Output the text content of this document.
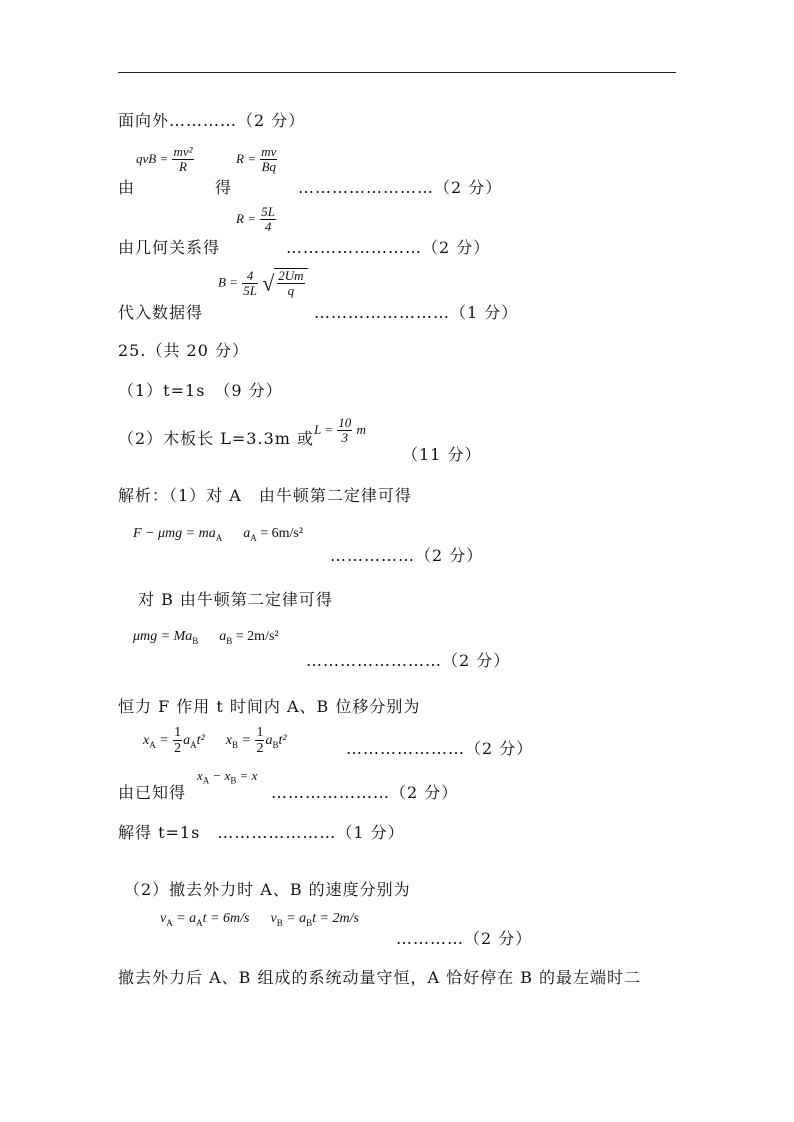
面向外…………（2 分）
由
qvB = $\frac{\text{mv²}}{R}$
得
$R = \frac{mv}{Bq}$
……………………（2 分）
由几何关系得
$R = \frac{5L}{4}$
……………………（2 分）
代入数据得
$B = \frac{4}{5L}$ √ $\frac{2Um}{q}$
……………………（1 分）
25.（共 20 分）
（1）t=1s　（9 分）
（2）木板长 L=3.3m 或 $L = \frac{10}{3}$ m
（11 分）
解析：（1）对 A　由牛顿第二定律可得
$F - \mu mg = ma_A$ $a_A = 6m/s^2$
……………（2 分）
对 B 由牛顿第二定律可得
$\mu mg = Ma_B$ $a_B = 2m/s^2$
……………………（2 分）
恒力 F 作用 t 时间内 A、B 位移分别为
$x_A = \frac{1}{2} a_At^2$ $x_B = \frac{1}{2} a_Bt^2$	…………………（2 分）
由已知得
$x_A - x_B = x$
…………………（2 分）
解得 t=1s　…………………（1 分）
（2）撤去外力时 A、B 的速度分别为
$v_A = a_At = 6m/s$ $v_B = a_Bt = 2m/s$
…………（2 分）
撤去外力后 A、B 组成的系统动量守恒，A 恰好停在 B 的最左端时二
